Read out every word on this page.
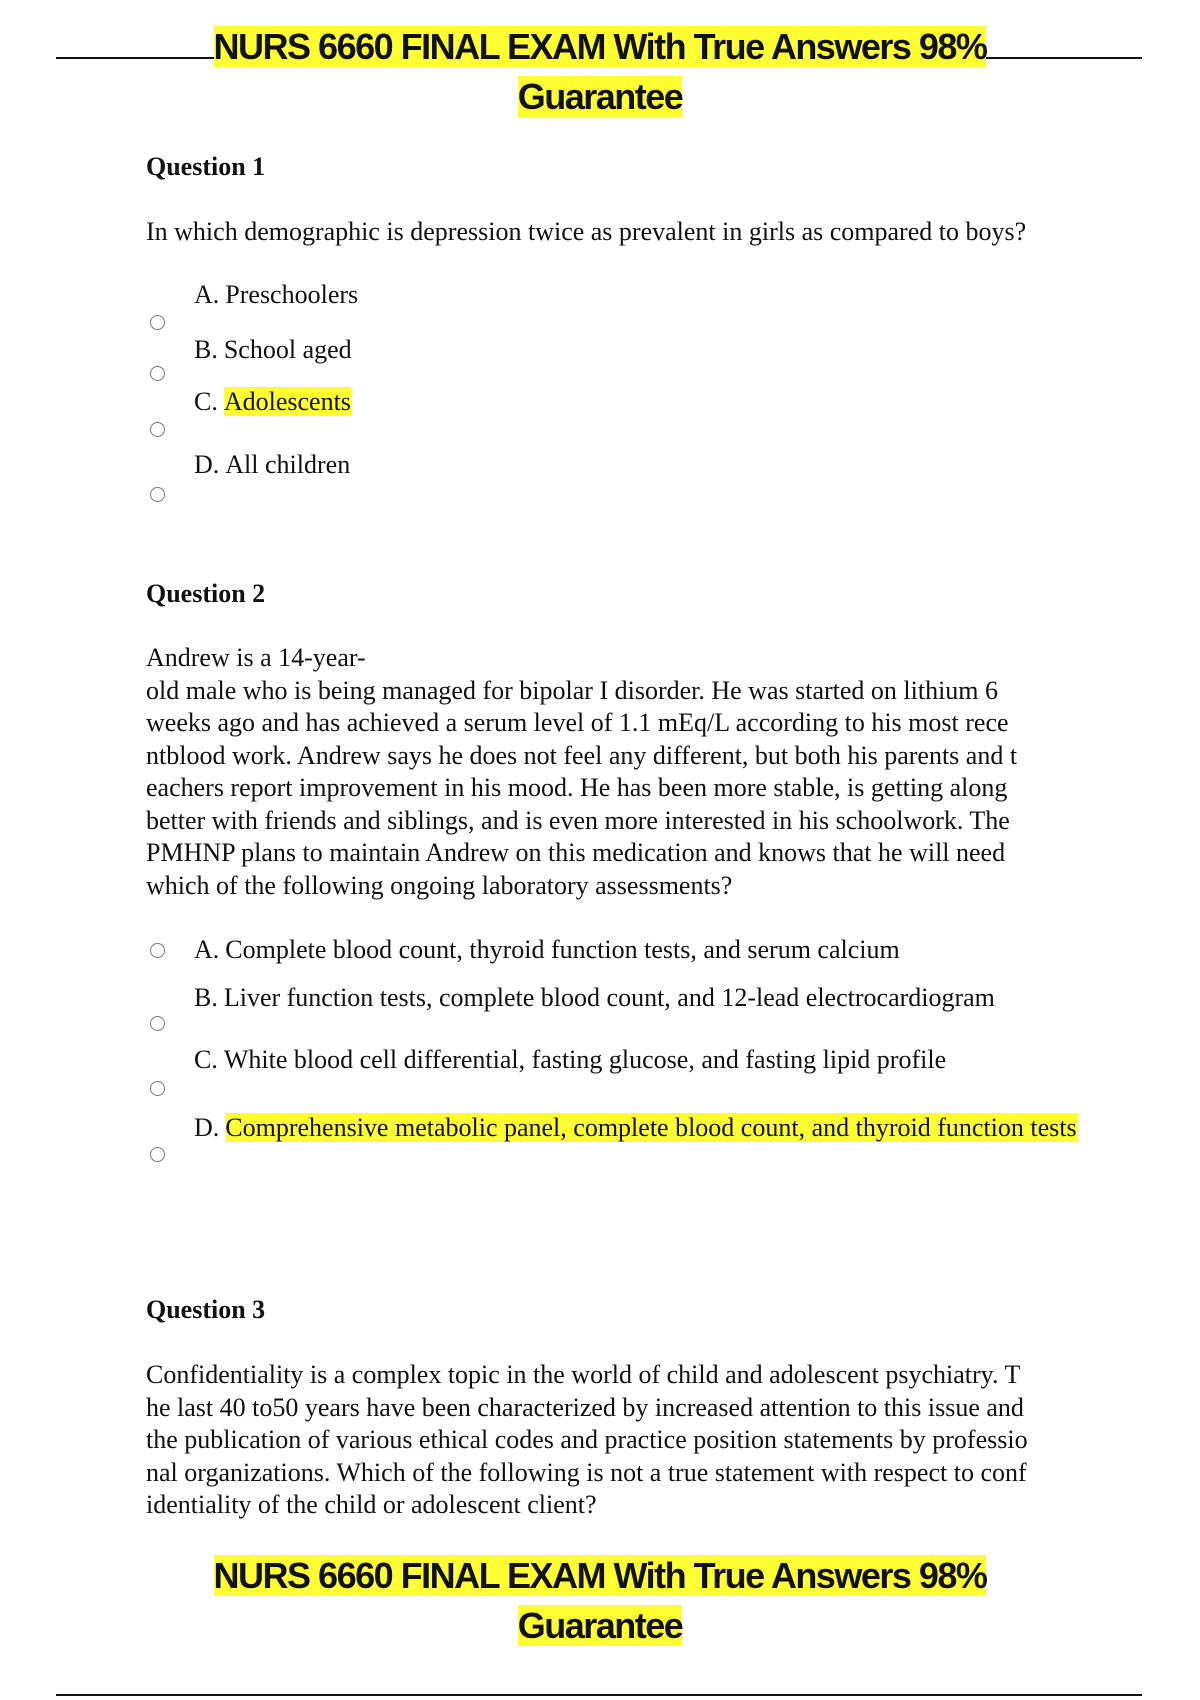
NURS 6660 FINAL EXAM With True Answers 98%
Guarantee
Question 1
In which demographic is depression twice as prevalent in girls as compared to boys?
A. Preschoolers
B. School aged
C. Adolescents
D. All children
Question 2
Andrew is a 14-year-
old male who is being managed for bipolar I disorder. He was started on lithium 6
weeks ago and has achieved a serum level of 1.1 mEq/L according to his most rece
ntblood work. Andrew says he does not feel any different, but both his parents and t
eachers report improvement in his mood. He has been more stable, is getting along
better with friends and siblings, and is even more interested in his schoolwork. The
PMHNP plans to maintain Andrew on this medication and knows that he will need
which of the following ongoing laboratory assessments?
A. Complete blood count, thyroid function tests, and serum calcium
B. Liver function tests, complete blood count, and 12-lead electrocardiogram
C. White blood cell differential, fasting glucose, and fasting lipid profile
D. Comprehensive metabolic panel, complete blood count, and thyroid function tests
Question 3
Confidentiality is a complex topic in the world of child and adolescent psychiatry. T
he last 40 to50 years have been characterized by increased attention to this issue and
the publication of various ethical codes and practice position statements by professio
nal organizations. Which of the following is not a true statement with respect to conf
identiality of the child or adolescent client?
NURS 6660 FINAL EXAM With True Answers 98%
Guarantee
